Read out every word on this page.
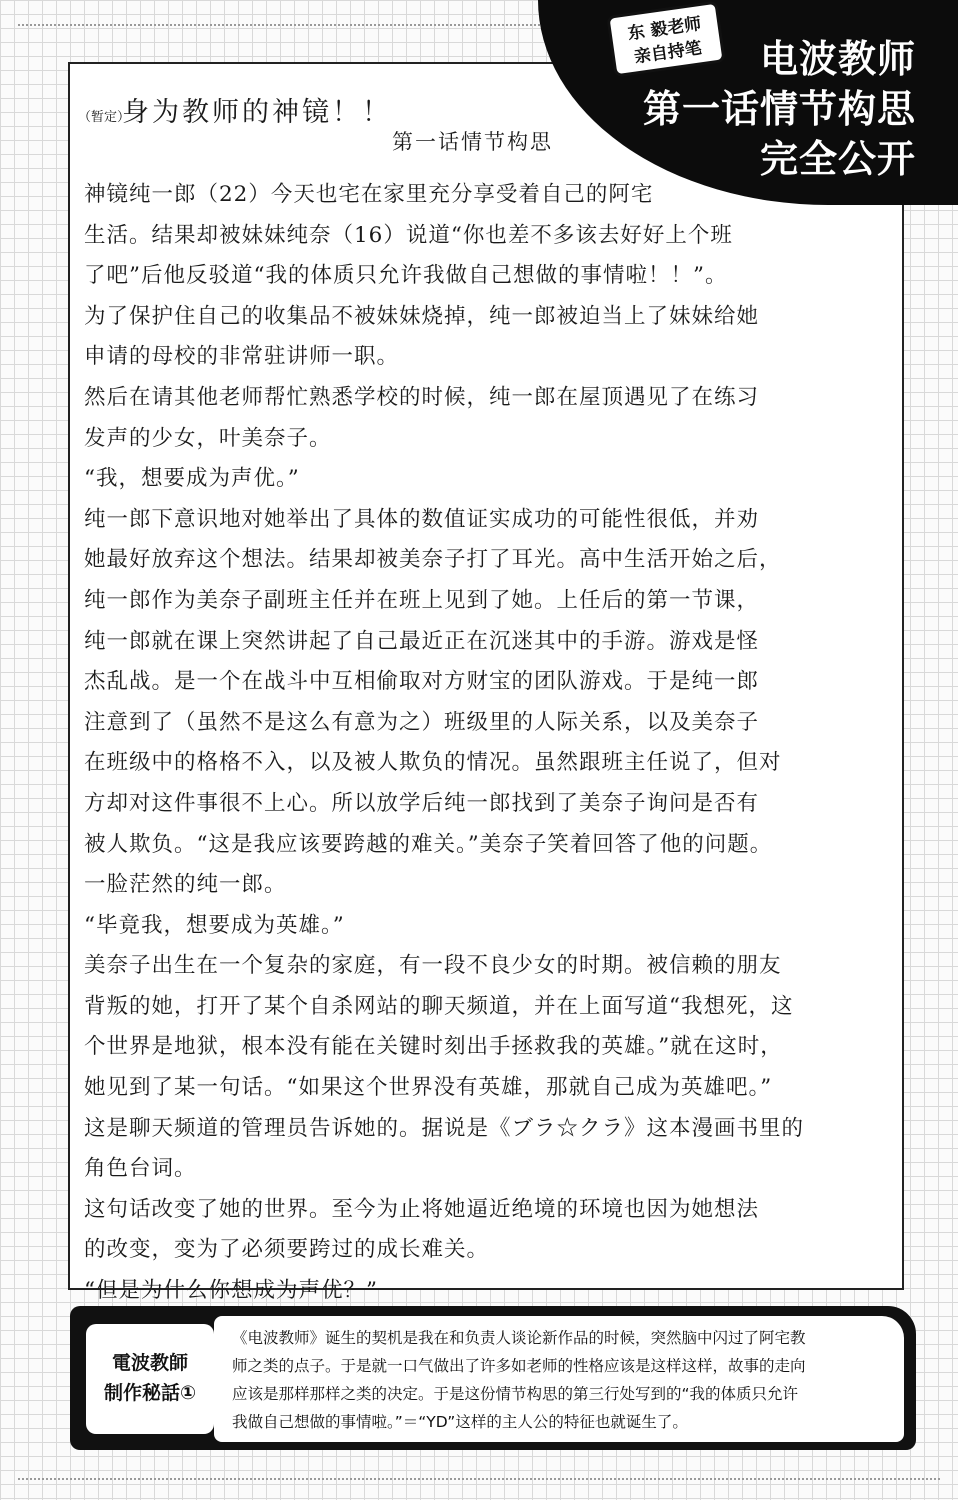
（暂定）
身为教师的神镜！！
第一话情节构思
神镜纯一郎（22）今天也宅在家里充分享受着自己的阿宅
生活。结果却被妹妹纯奈（16）说道“你也差不多该去好好上个班
了吧”后他反驳道“我的体质只允许我做自己想做的事情啦！！”。
为了保护住自己的收集品不被妹妹烧掉，纯一郎被迫当上了妹妹给她
申请的母校的非常驻讲师一职。
然后在请其他老师帮忙熟悉学校的时候，纯一郎在屋顶遇见了在练习
发声的少女，叶美奈子。
“我，想要成为声优。”
纯一郎下意识地对她举出了具体的数值证实成功的可能性很低，并劝
她最好放弃这个想法。结果却被美奈子打了耳光。高中生活开始之后，
纯一郎作为美奈子副班主任并在班上见到了她。上任后的第一节课，
纯一郎就在课上突然讲起了自己最近正在沉迷其中的手游。游戏是怪
杰乱战。是一个在战斗中互相偷取对方财宝的团队游戏。于是纯一郎
注意到了（虽然不是这么有意为之）班级里的人际关系，以及美奈子
在班级中的格格不入，以及被人欺负的情况。虽然跟班主任说了，但对
方却对这件事很不上心。所以放学后纯一郎找到了美奈子询问是否有
被人欺负。“这是我应该要跨越的难关。”美奈子笑着回答了他的问题。
一脸茫然的纯一郎。
“毕竟我，想要成为英雄。”
美奈子出生在一个复杂的家庭，有一段不良少女的时期。被信赖的朋友
背叛的她，打开了某个自杀网站的聊天频道，并在上面写道“我想死，这
个世界是地狱，根本没有能在关键时刻出手拯救我的英雄。”就在这时，
她见到了某一句话。“如果这个世界没有英雄，那就自己成为英雄吧。”
这是聊天频道的管理员告诉她的。据说是《ブラ☆クラ》这本漫画书里的
角色台词。
这句话改变了她的世界。至今为止将她逼近绝境的环境也因为她想法
的改变，变为了必须要跨过的成长难关。
“但是为什么你想成为声优？”
电波教师
第一话情节构思
完全公开
东 毅老师
亲自持笔
電波教師
制作秘話①
《电波教师》诞生的契机是我在和负责人谈论新作品的时候，突然脑中闪过了阿宅教
师之类的点子。于是就一口气做出了许多如老师的性格应该是这样这样，故事的走向
应该是那样那样之类的决定。于是这份情节构思的第三行处写到的“我的体质只允许
我做自己想做的事情啦。”＝“YD”这样的主人公的特征也就诞生了。
